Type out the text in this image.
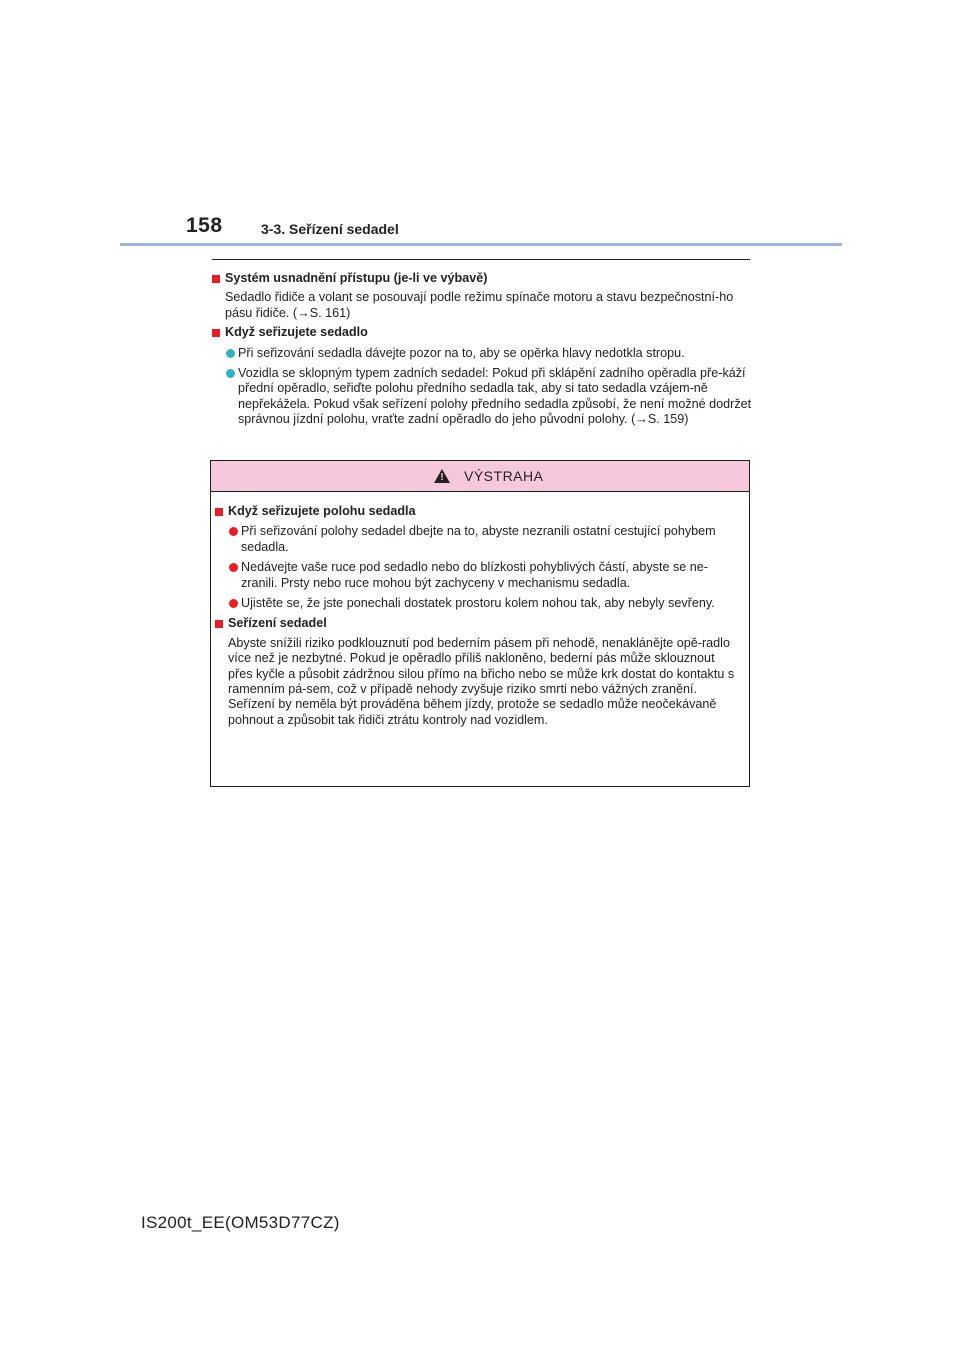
158	3-3. Seřízení sedadel
Systém usnadnění přístupu (je-li ve výbavě)
Sedadlo řidiče a volant se posouvají podle režimu spínače motoru a stavu bezpečnostní-ho pásu řidiče. (→S. 161)
Když seřizujete sedadlo
Při seřizování sedadla dávejte pozor na to, aby se opěrka hlavy nedotkla stropu.
Vozidla se sklopným typem zadních sedadel: Pokud při sklápění zadního opěradla pře-káží přední opěradlo, seřiďte polohu předního sedadla tak, aby si tato sedadla vzájem-ně nepřekážela. Pokud však seřízení polohy předního sedadla způsobí, že není možné dodržet správnou jízdní polohu, vraťte zadní opěradlo do jeho původní polohy. (→S. 159)
! VÝSTRAHA
Když seřizujete polohu sedadla
Při seřizování polohy sedadel dbejte na to, abyste nezranili ostatní cestující pohybem sedadla.
Nedávejte vaše ruce pod sedadlo nebo do blízkosti pohyblivých částí, abyste se ne-zranili. Prsty nebo ruce mohou být zachyceny v mechanismu sedadla.
Ujistěte se, že jste ponechali dostatek prostoru kolem nohou tak, aby nebyly sevřeny.
Seřízení sedadel
Abyste snížili riziko podklouznutí pod bederním pásem při nehodě, nenaklánějte opě-radlo více než je nezbytné. Pokud je opěradlo příliš nakloněno, bederní pás může sklouznout přes kyčle a působit zádržnou silou přímo na břicho nebo se může krk dostat do kontaktu s ramenním pá-sem, což v případě nehody zvyšuje riziko smrti nebo vážných zranění. Seřízení by neměla být prováděna během jízdy, protože se sedadlo může neočekávaně pohnout a způsobit tak řidiči ztrátu kontroly nad vozidlem.
IS200t_EE(OM53D77CZ)
